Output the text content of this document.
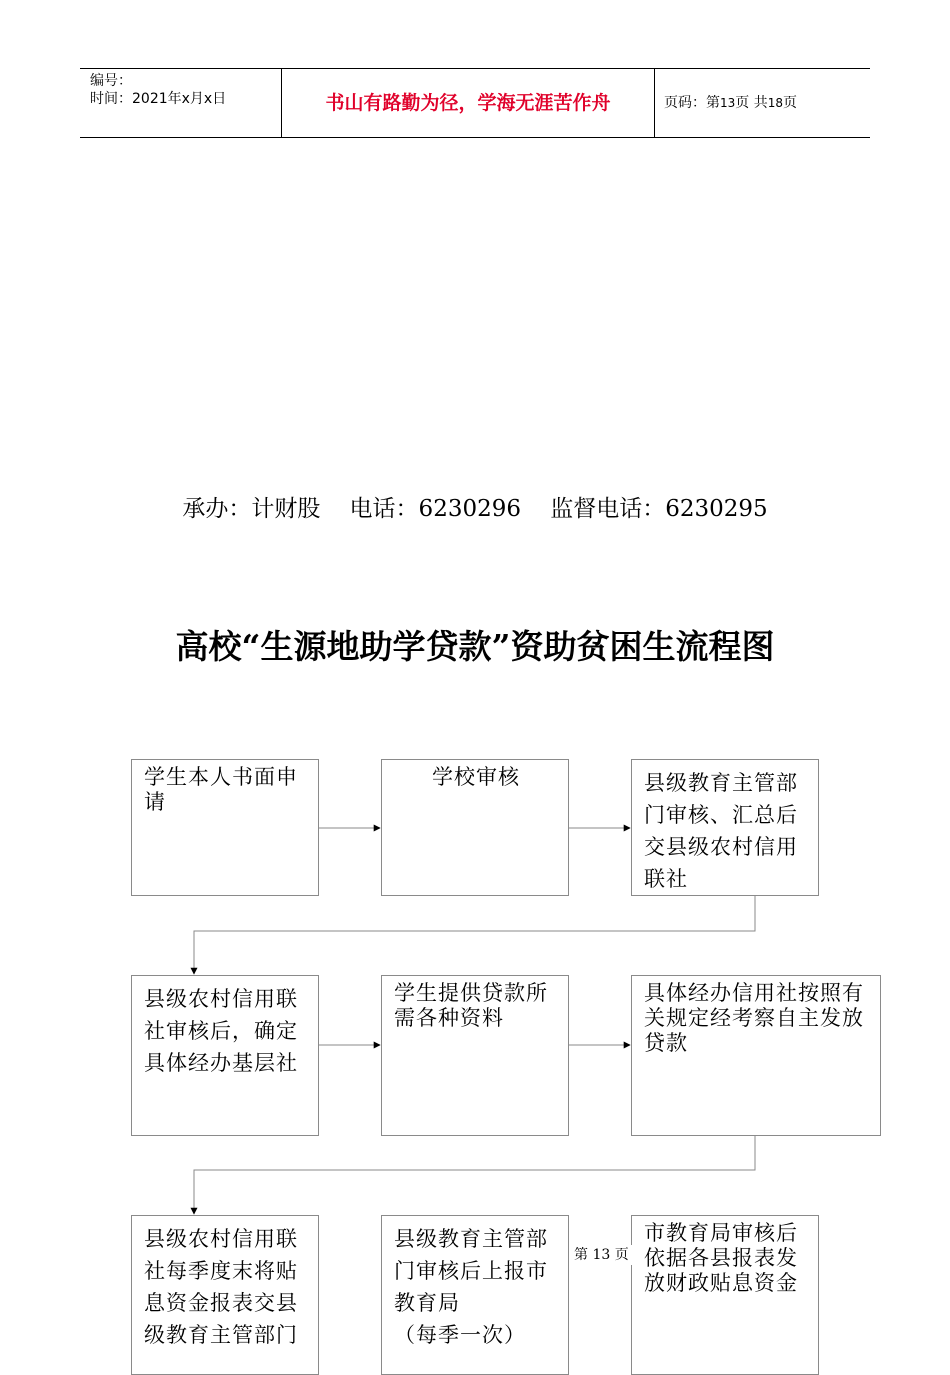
编号：
时间：2021年x月x日	书山有路勤为径，学海无涯苦作舟	页码：第13页 共18页
承办：计财股    电话：6230296    监督电话：6230295
高校“生源地助学贷款”资助贫困生流程图
学生本人书面申请
学校审核	县级教育主管部门审核、汇总后交县级农村信用联社
县级农村信用联社审核后，确定具体经办基层社
学生提供贷款所需各种资料
具体经办信用社按照有关规定经考察自主发放贷款
县级农村信用联社每季度末将贴息资金报表交县级教育主管部门
县级教育主管部门审核后上报市教育局
（每季一次）
市教育局审核后依据各县报表发放财政贴息资金
第 13 页
